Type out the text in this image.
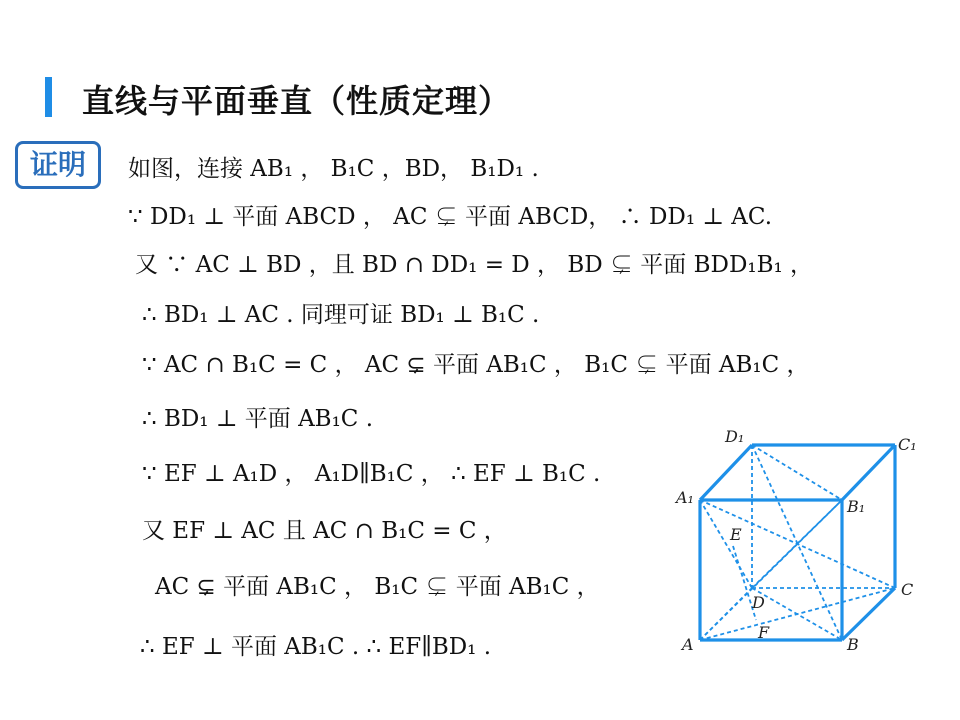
直线与平面垂直（性质定理）
证明	如图，连接 AB₁ ， B₁C ，BD， B₁D₁ .
∵ DD₁ ⊥ 平面 ABCD ， AC ⊊ 平面 ABCD， ∴ DD₁ ⊥ AC.
又 ∵ AC ⊥ BD ，且 BD ∩ DD₁ = D ， BD ⊊ 平面 BDD₁B₁ ，
∴ BD₁ ⊥ AC . 同理可证 BD₁ ⊥ B₁C .
∵ AC ∩ B₁C = C ， AC ⊊ 平面 AB₁C ， B₁C ⊊ 平面 AB₁C ，
∴ BD₁ ⊥ 平面 AB₁C .
∵ EF ⊥ A₁D ， A₁D∥B₁C ， ∴ EF ⊥ B₁C .
又 EF ⊥ AC 且 AC ∩ B₁C = C ，
AC ⊊ 平面 AB₁C ， B₁C ⊊ 平面 AB₁C ，
∴ EF ⊥ 平面 AB₁C . ∴ EF∥BD₁ .
D₁	C₁
A₁	B₁
E
D
C
A
F
B
